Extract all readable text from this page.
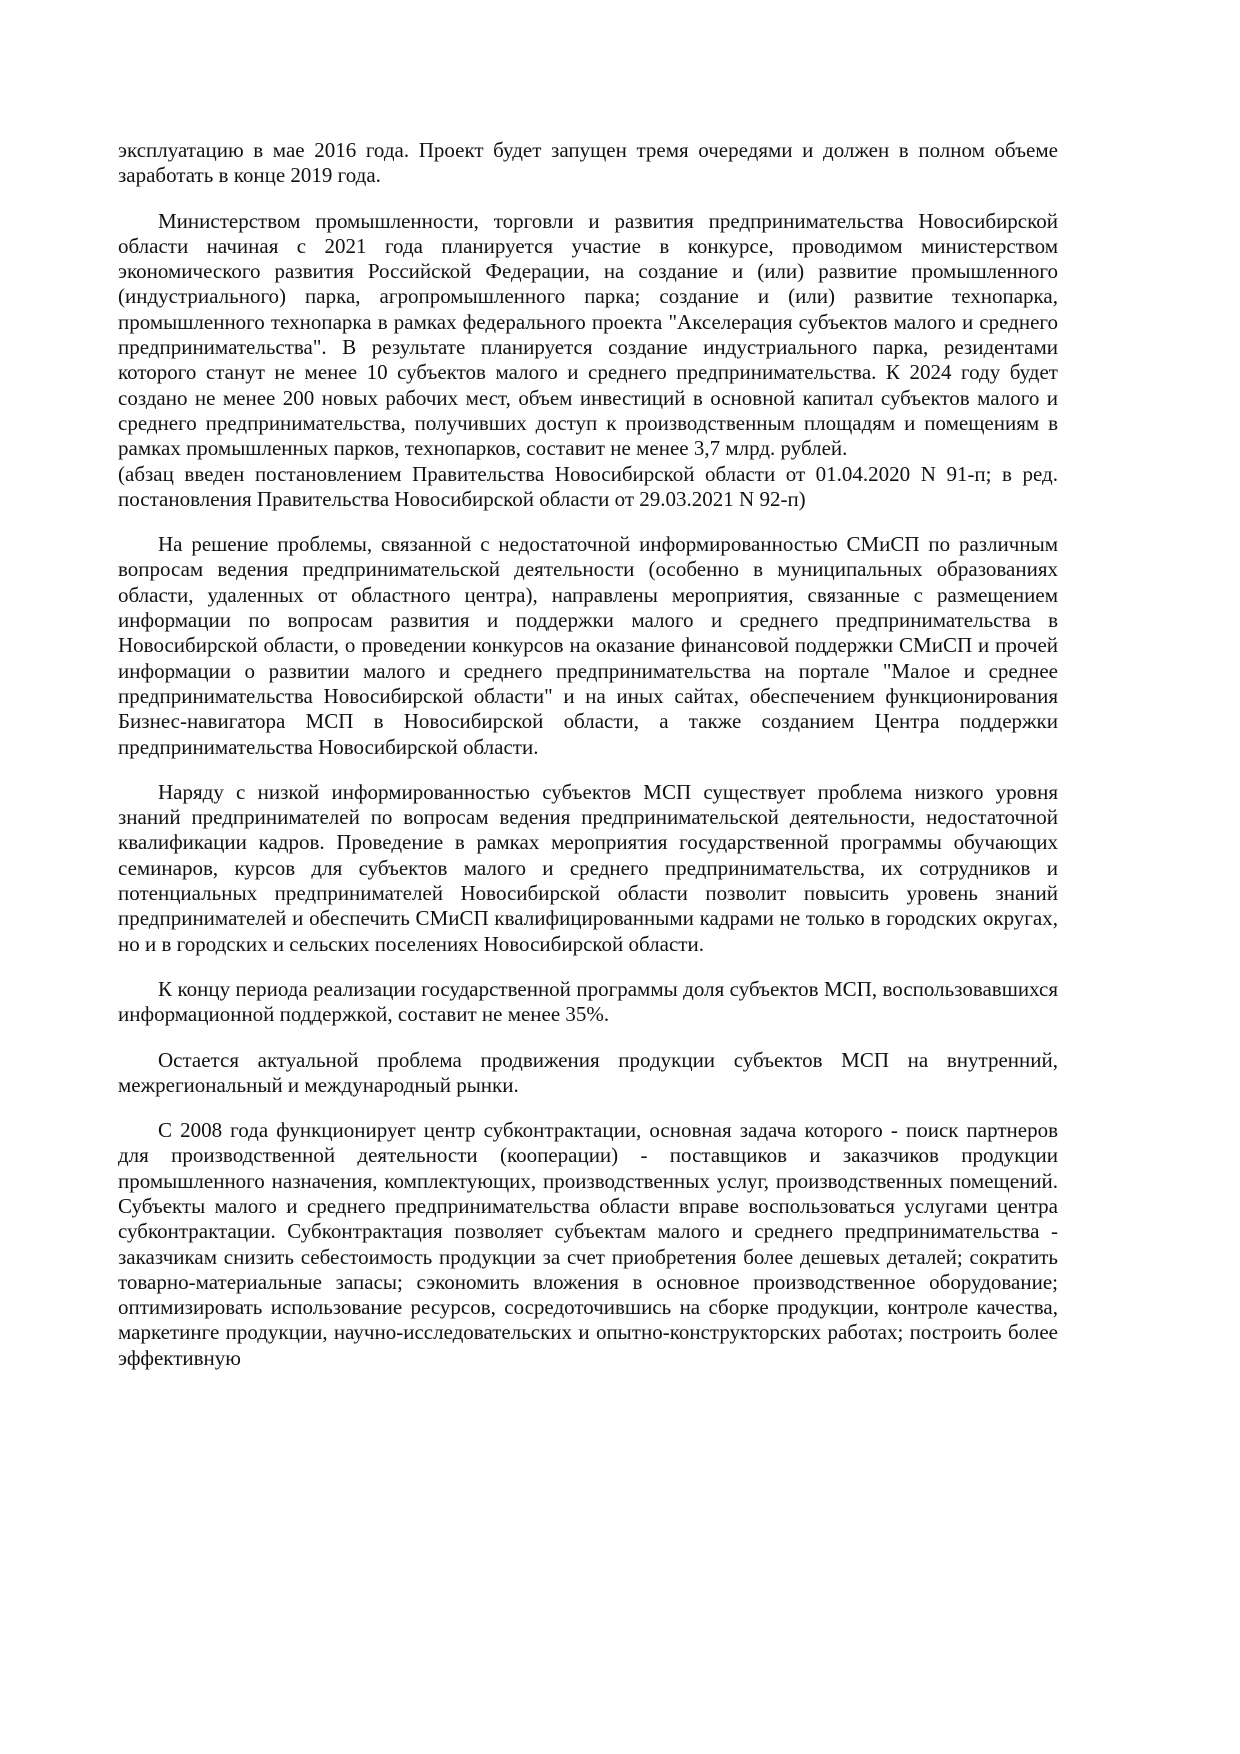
эксплуатацию в мае 2016 года. Проект будет запущен тремя очередями и должен в полном объеме заработать в конце 2019 года.

Министерством промышленности, торговли и развития предпринимательства Новосибирской области начиная с 2021 года планируется участие в конкурсе, проводимом министерством экономического развития Российской Федерации, на создание и (или) развитие промышленного (индустриального) парка, агропромышленного парка; создание и (или) развитие технопарка, промышленного технопарка в рамках федерального проекта "Акселерация субъектов малого и среднего предпринимательства". В результате планируется создание индустриального парка, резидентами которого станут не менее 10 субъектов малого и среднего предпринимательства. К 2024 году будет создано не менее 200 новых рабочих мест, объем инвестиций в основной капитал субъектов малого и среднего предпринимательства, получивших доступ к производственным площадям и помещениям в рамках промышленных парков, технопарков, составит не менее 3,7 млрд. рублей.

(абзац введен постановлением Правительства Новосибирской области от 01.04.2020 N 91-п; в ред. постановления Правительства Новосибирской области от 29.03.2021 N 92-п)

На решение проблемы, связанной с недостаточной информированностью СМиСП по различным вопросам ведения предпринимательской деятельности (особенно в муниципальных образованиях области, удаленных от областного центра), направлены мероприятия, связанные с размещением информации по вопросам развития и поддержки малого и среднего предпринимательства в Новосибирской области, о проведении конкурсов на оказание финансовой поддержки СМиСП и прочей информации о развитии малого и среднего предпринимательства на портале "Малое и среднее предпринимательства Новосибирской области" и на иных сайтах, обеспечением функционирования Бизнес-навигатора МСП в Новосибирской области, а также созданием Центра поддержки предпринимательства Новосибирской области.

Наряду с низкой информированностью субъектов МСП существует проблема низкого уровня знаний предпринимателей по вопросам ведения предпринимательской деятельности, недостаточной квалификации кадров. Проведение в рамках мероприятия государственной программы обучающих семинаров, курсов для субъектов малого и среднего предпринимательства, их сотрудников и потенциальных предпринимателей Новосибирской области позволит повысить уровень знаний предпринимателей и обеспечить СМиСП квалифицированными кадрами не только в городских округах, но и в городских и сельских поселениях Новосибирской области.

К концу периода реализации государственной программы доля субъектов МСП, воспользовавшихся информационной поддержкой, составит не менее 35%.

Остается актуальной проблема продвижения продукции субъектов МСП на внутренний, межрегиональный и международный рынки.

С 2008 года функционирует центр субконтрактации, основная задача которого - поиск партнеров для производственной деятельности (кооперации) - поставщиков и заказчиков продукции промышленного назначения, комплектующих, производственных услуг, производственных помещений. Субъекты малого и среднего предпринимательства области вправе воспользоваться услугами центра субконтрактации. Субконтрактация позволяет субъектам малого и среднего предпринимательства - заказчикам снизить себестоимость продукции за счет приобретения более дешевых деталей; сократить товарно-материальные запасы; сэкономить вложения в основное производственное оборудование; оптимизировать использование ресурсов, сосредоточившись на сборке продукции, контроле качества, маркетинге продукции, научно-исследовательских и опытно-конструкторских работах; построить более эффективную
